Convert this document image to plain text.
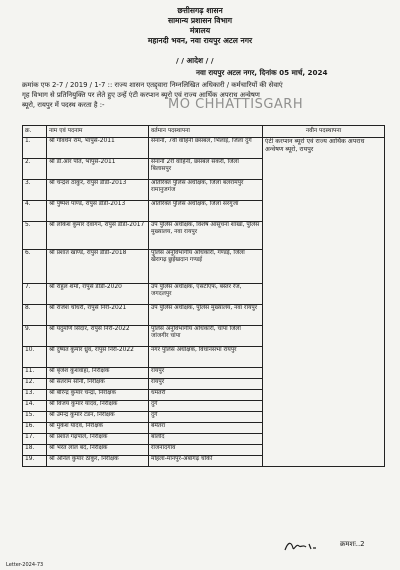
छत्तीसगढ़ शासन
सामान्य प्रशासन विभाग
मंत्रालय
महानदी भवन, नवा रायपुर अटल नगर
/ / आदेश / /
नवा रायपुर अटल नगर, दिनांक 05 मार्च, 2024
क्रमांक एफ 2-7 / 2019 / 1-7 :: राज्य शासन एतद्द्वारा निम्नलिखित अधिकारी / कर्मचारियों की सेवाएं
गृह विभाग से प्रतिनियुक्ति पर लेते हुए उन्हें एंटी करप्शन ब्यूरो एवं राज्य आर्थिक अपराध अन्वेषण
ब्यूरो, रायपुर में पदस्थ करता है :-	MO CHHATTISGARH
क्र.	नाम एवं पदनाम	वर्तमान पदस्थापना	नवीन पदस्थापना
1.	श्री गोवर्धन राम, भापुसे-2011	सेनानी, 7वीं वाहिनी छसबल, भिलाई, जिला दुर्ग	एंटी करप्शन ब्यूरो एवं राज्य आर्थिक अपराध अन्वेषण ब्यूरो, रायपुर
2.	श्री डी.आर पोर्ते, भापुसे-2011	सेनानी 2री वाहिनी, छसबल सकरी, जिला बिलासपुर	
3.	श्री चन्द्रेश ठाकुर, रापुसे डीडी-2013	अतिरिक्त पुलिस अधीक्षक, जिला बलरामपुर रामानुजगंज	
4.	श्री पुष्पेश पाण्डे, रापुसे डीडी-2013	अतिरिक्त पुलिस अधीक्षक, जिला सरगुजा	
5.	श्री लोकेश कुमार देवांगन, रापुसे डीडी-2017	उप पुलिस अधीक्षक, विशेष आसूचना शाखा, पुलिस मुख्यालय, नवा रायपुर	
6.	श्री प्रशांत खाण्डे, रापुसे डीडी-2018	पुलिस अनुविभागीय अधिकारी, गण्डई, जिला खैरागढ़ छुईखदान गण्डई	
7.	श्री राहुल शर्मा, रापुसे डीडी-2020	उप पुलिस अधीक्षक, एसटीएफ, बस्तर रेंज, जगदलपुर	
8.	श्री राजेश चौधरी, रापुसे निरी-2021	उप पुलिस अधीक्षक, पुलिस मुख्यालय, नवा रायपुर	
9.	श्री यदुमणि सिदार, रापुसे निरी-2022	पुलिस अनुविभागीय अधिकारी, चांपा जिला जांजगीर चांपा	
10.	श्री दुष्यंत कुमार ध्रुव, रापुसे निरी-2022	नगर पुलिस अधीक्षक, विधानसभा रायपुर	
11.	श्री बृजेश कुशवाहा, निरीक्षक	रायपुर	
12.	श्री संतराम सोनी, निरीक्षक	रायपुर	
13.	श्री बीरेन्द्र कुमार चन्द्रा, निरीक्षक	धमतरी	
14.	श्री विजय कुमार यादव, निरीक्षक	दुर्ग	
15.	श्री उमेन्द्र कुमार टंडन, निरीक्षक	दुर्ग	
16.	श्री मुकेश यादव, निरीक्षक	बेमेतरा	
17.	श्री प्रशांत गढ़पाले, निरीक्षक	बालोद	
18.	श्री भरत लाल बंदे, निरीक्षक	राजनांदगांव	
19.	श्री अनिल कुमार ठाकुर, निरीक्षक	मोहला-मानपुर-अंबागढ़ चौकी	
क्रमशः..2
Letter-2024-73
